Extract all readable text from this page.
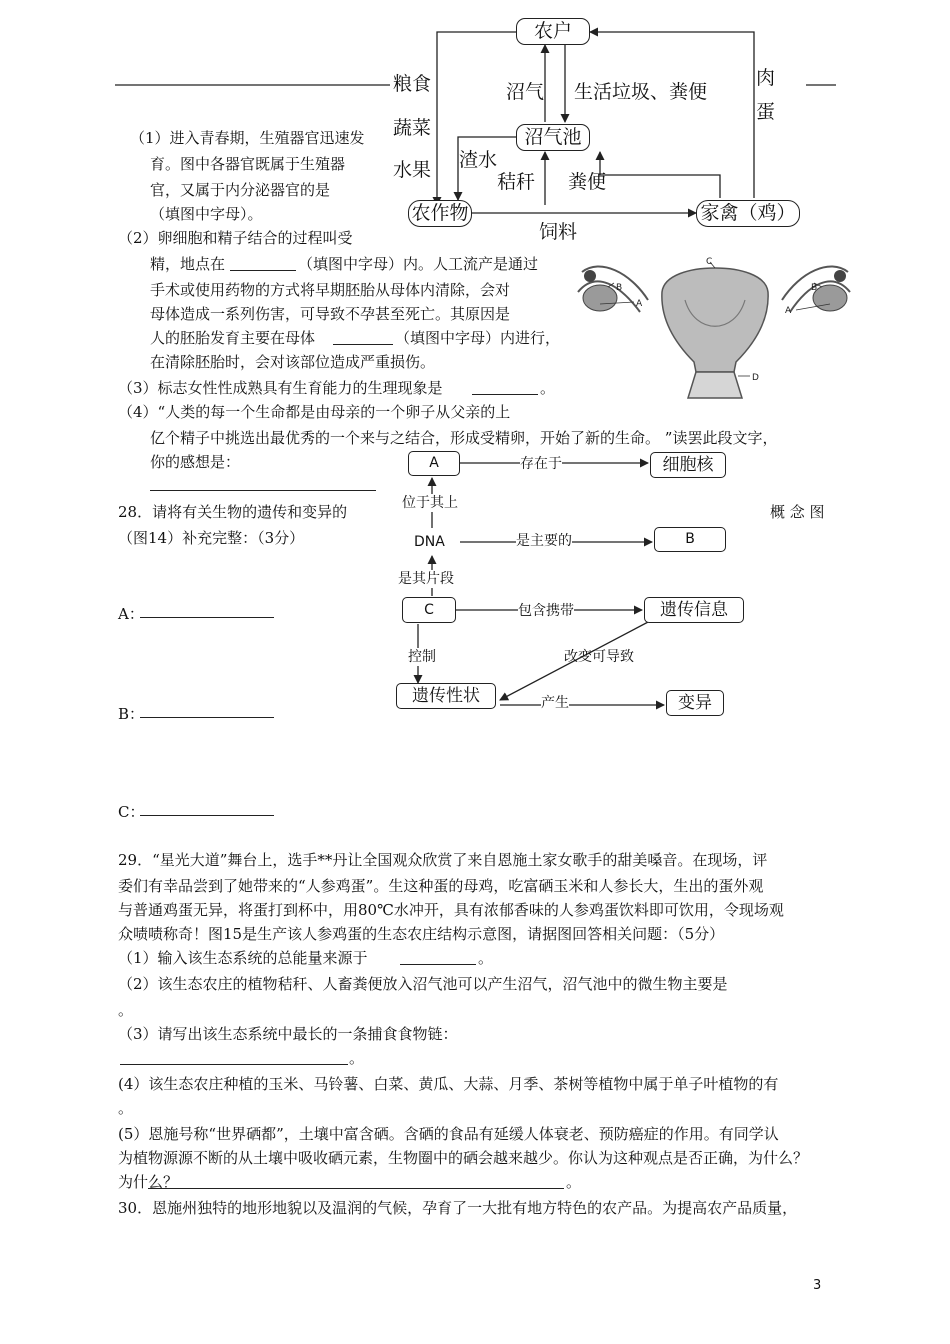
C
B	B
A
A
D
农户
沼气池
农作物	家禽（鸡）
粮食
蔬菜
水果
沼气 生活垃圾、粪便
肉
蛋
渣水
秸秆 粪便
饲料
（1）进入青春期，生殖器官迅速发
育。图中各器官既属于生殖器
官，又属于内分泌器官的是
（填图中字母）。
（2）卵细胞和精子结合的过程叫受
精，地点在	（填图中字母）内。人工流产是通过
手术或使用药物的方式将早期胚胎从母体内清除，会对
母体造成一系列伤害，可导致不孕甚至死亡。其原因是
人的胚胎发育主要在母体	（填图中字母）内进行，
在清除胚胎时，会对该部位造成严重损伤。
（3）标志女性性成熟具有生育能力的生理现象是	。
（4）“人类的每一个生命都是由母亲的一个卵子从父亲的上
亿个精子中挑选出最优秀的一个来与之结合，形成受精卵，开始了新的生命。 ”读罢此段文字，
你的感想是：
28．请将有关生物的遗传和变异的	概 念 图
（图14）补充完整：（3分）
A：
B：
C：
A	存在于	细胞核
位于其上
DNA	是主要的	B
是其片段
C	包含携带	遗传信息
控制	改变可导致
遗传性状	产生	变异
29．“星光大道”舞台上，选手**丹让全国观众欣赏了来自恩施土家女歌手的甜美嗓音。在现场，评
委们有幸品尝到了她带来的“人参鸡蛋”。生这种蛋的母鸡，吃富硒玉米和人参长大，生出的蛋外观
与普通鸡蛋无异，将蛋打到杯中，用80℃水冲开，具有浓郁香味的人参鸡蛋饮料即可饮用，令现场观
众啧啧称奇！图15是生产该人参鸡蛋的生态农庄结构示意图，请据图回答相关问题：（5分）
（1）输入该生态系统的总能量来源于	。
（2）该生态农庄的植物秸秆、人畜粪便放入沼气池可以产生沼气，沼气池中的微生物主要是
。
（3）请写出该生态系统中最长的一条捕食食物链：
。
(4）该生态农庄种植的玉米、马铃薯、白菜、黄瓜、大蒜、月季、茶树等植物中属于单子叶植物的有
。
(5）恩施号称“世界硒都”，土壤中富含硒。含硒的食品有延缓人体衰老、预防癌症的作用。有同学认
为植物源源不断的从土壤中吸收硒元素，生物圈中的硒会越来越少。你认为这种观点是否正确，为什么？
为什么？	。
30．恩施州独特的地形地貌以及温润的气候，孕育了一大批有地方特色的农产品。为提高农产品质量，
3
